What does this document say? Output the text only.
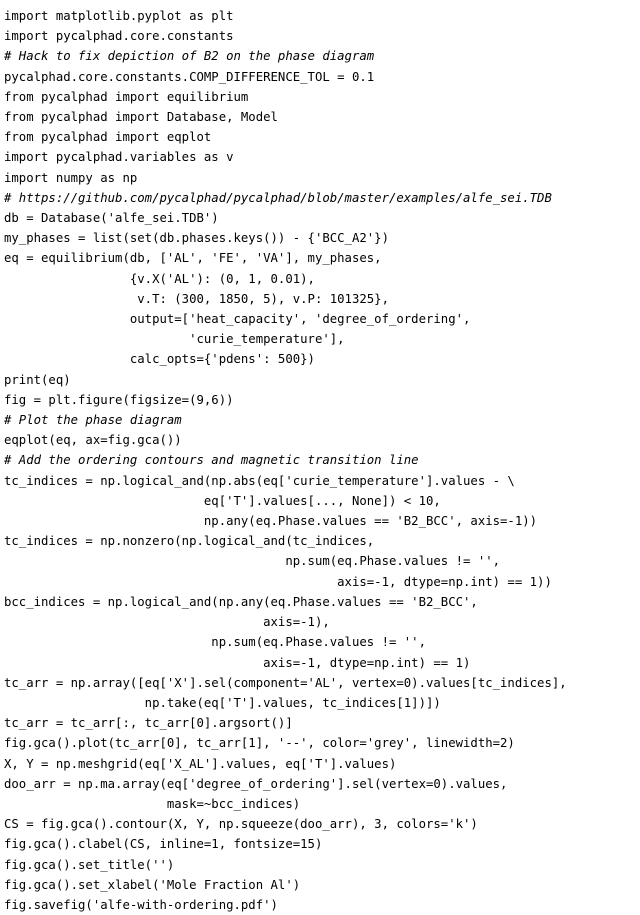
import matplotlib.pyplot as plt
import pycalphad.core.constants
# Hack to fix depiction of B2 on the phase diagram
pycalphad.core.constants.COMP_DIFFERENCE_TOL = 0.1
from pycalphad import equilibrium
from pycalphad import Database, Model
from pycalphad import eqplot
import pycalphad.variables as v
import numpy as np
# https://github.com/pycalphad/pycalphad/blob/master/examples/alfe_sei.TDB
db = Database('alfe_sei.TDB')
my_phases = list(set(db.phases.keys()) - {'BCC_A2'})
eq = equilibrium(db, ['AL', 'FE', 'VA'], my_phases,
{v.X('AL'): (0, 1, 0.01),
v.T: (300, 1850, 5), v.P: 101325},
output=['heat_capacity', 'degree_of_ordering',
'curie_temperature'],
calc_opts={'pdens': 500})
print(eq)
fig = plt.figure(figsize=(9,6))
# Plot the phase diagram
eqplot(eq, ax=fig.gca())
# Add the ordering contours and magnetic transition line
tc_indices = np.logical_and(np.abs(eq['curie_temperature'].values - \
eq['T'].values[..., None]) < 10,
np.any(eq.Phase.values == 'B2_BCC', axis=-1))
tc_indices = np.nonzero(np.logical_and(tc_indices,
np.sum(eq.Phase.values != '',
axis=-1, dtype=np.int) == 1))
bcc_indices = np.logical_and(np.any(eq.Phase.values == 'B2_BCC',
axis=-1),
np.sum(eq.Phase.values != '',
axis=-1, dtype=np.int) == 1)
tc_arr = np.array([eq['X'].sel(component='AL', vertex=0).values[tc_indices],
np.take(eq['T'].values, tc_indices[1])])
tc_arr = tc_arr[:, tc_arr[0].argsort()]
fig.gca().plot(tc_arr[0], tc_arr[1], '--', color='grey', linewidth=2)
X, Y = np.meshgrid(eq['X_AL'].values, eq['T'].values)
doo_arr = np.ma.array(eq['degree_of_ordering'].sel(vertex=0).values,
mask=~bcc_indices)
CS = fig.gca().contour(X, Y, np.squeeze(doo_arr), 3, colors='k')
fig.gca().clabel(CS, inline=1, fontsize=15)
fig.gca().set_title('')
fig.gca().set_xlabel('Mole Fraction Al')
fig.savefig('alfe-with-ordering.pdf')
